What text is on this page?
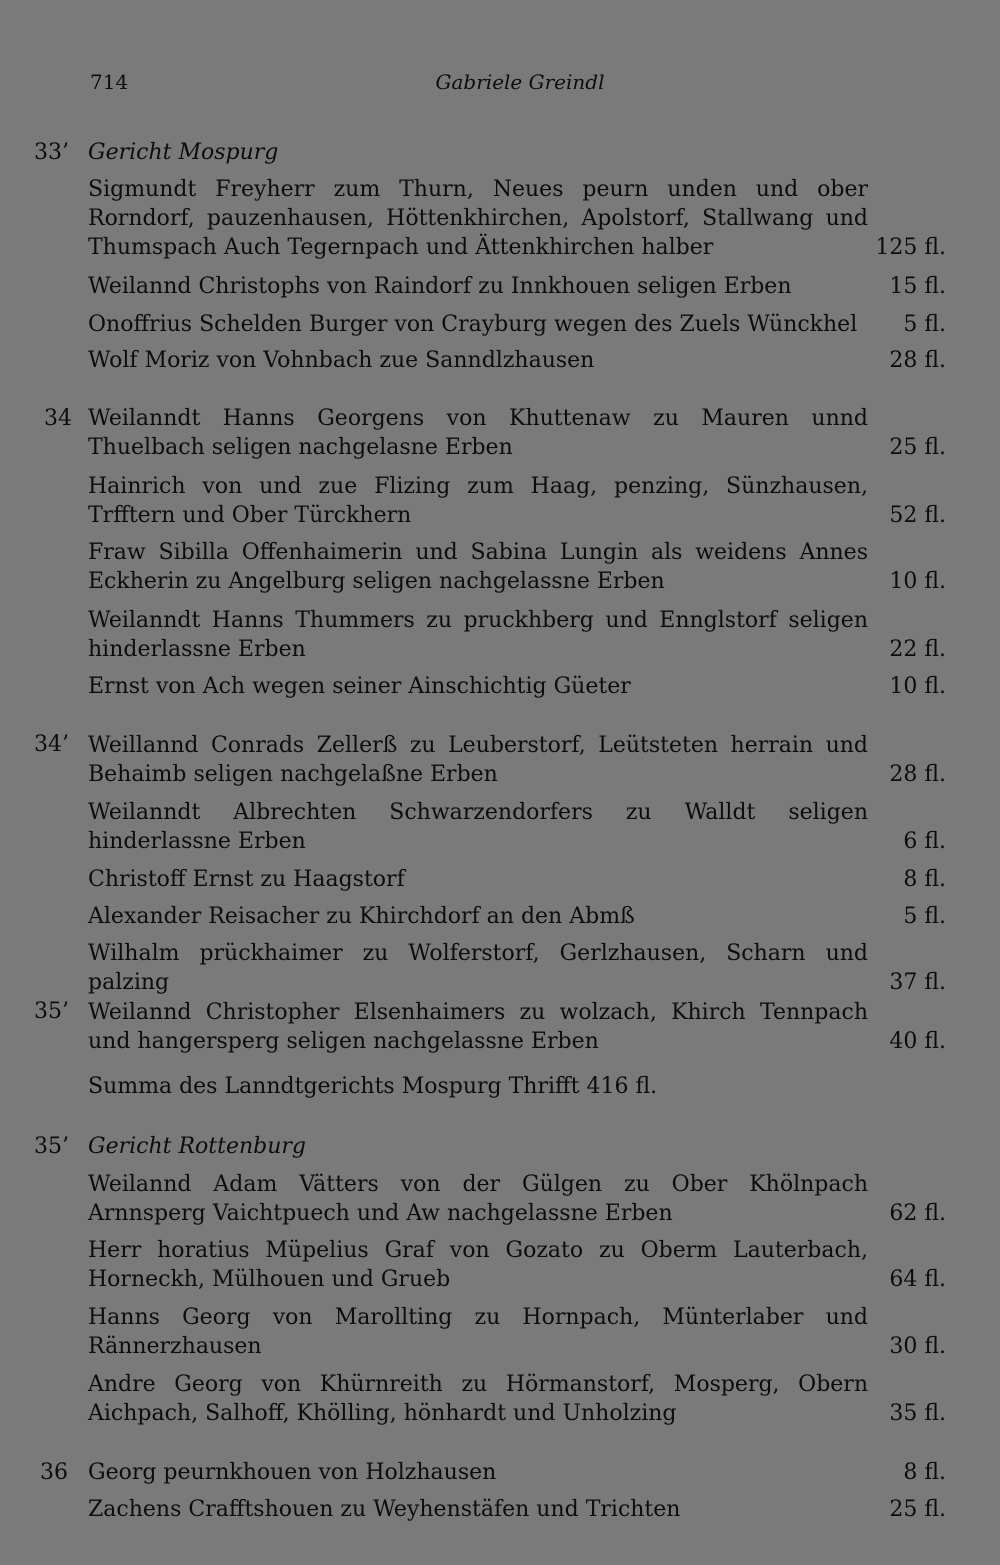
714	Gabriele Greindl
33’ Gericht Mospurg
Sigmundt Freyherr zum Thurn, Neues peurn unden und ober Rorndorf, pauzenhausen, Höttenkhirchen, Apolstorf, Stallwang und Thumspach Auch Tegernpach und Ättenkhirchen halber	125 fl.
Weilannd Christophs von Raindorf zu Innkhouen seligen Erben	15 fl.
Onoffrius Schelden Burger von Crayburg wegen des Zuels Wünckhel	5 fl.
Wolf Moriz von Vohnbach zue Sanndlzhausen	28 fl.
34 Weilanndt Hanns Georgens von Khuttenaw zu Mauren unnd Thuelbach seligen nachgelasne Erben	25 fl.
Hainrich von und zue Flizing zum Haag, penzing, Sünzhausen, Trfftern und Ober Türckhern	52 fl.
Fraw Sibilla Offenhaimerin und Sabina Lungin als weidens Annes Eckherin zu Angelburg seligen nachgelassne Erben	10 fl.
Weilanndt Hanns Thummers zu pruckhberg und Ennglstorf seligen hinderlassne Erben	22 fl.
Ernst von Ach wegen seiner Ainschichtig Güeter	10 fl.
34’ Weillannd Conrads Zellerß zu Leuberstorf, Leütsteten herrain und Behaimb seligen nachgelaßne Erben	28 fl.
Weilanndt Albrechten Schwarzendorfers zu Walldt seligen hinderlassne Erben	6 fl.
Christoff Ernst zu Haagstorf	8 fl.
Alexander Reisacher zu Khirchdorf an den Abmß	5 fl.
Wilhalm prückhaimer zu Wolferstorf, Gerlzhausen, Scharn und palzing	37 fl.
35’ Weilannd Christopher Elsenhaimers zu wolzach, Khirch Tennpach und hangersperg seligen nachgelassne Erben	40 fl.
Summa des Lanndtgerichts Mospurg Thrifft 416 fl.
35’ Gericht Rottenburg
Weilannd Adam Vätters von der Gülgen zu Ober Khölnpach Arnnsperg Vaichtpuech und Aw nachgelassne Erben	62 fl.
Herr horatius Müpelius Graf von Gozato zu Oberm Lauterbach, Horneckh, Mülhouen und Grueb	64 fl.
Hanns Georg von Marollting zu Hornpach, Münterlaber und Rännerzhausen	30 fl.
Andre Georg von Khürnreith zu Hörmanstorf, Mosperg, Obern Aichpach, Salhoff, Khölling, hönhardt und Unholzing	35 fl.
36 Georg peurnkhouen von Holzhausen	8 fl.
Zachens Crafftshouen zu Weyhenstäfen und Trichten	25 fl.
